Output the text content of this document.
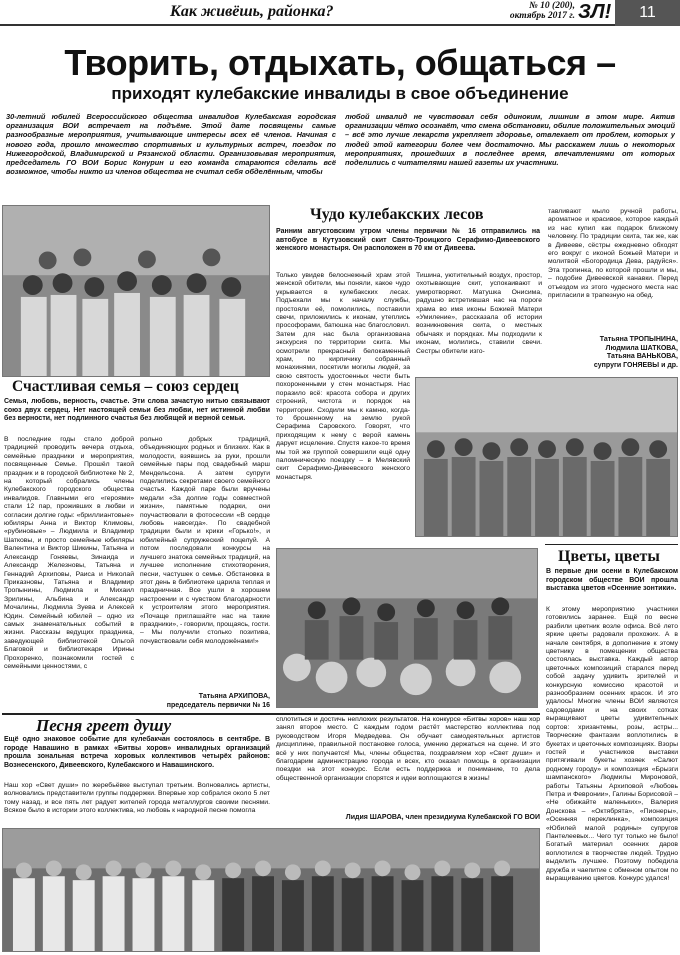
Как живёшь, районка?	№ 10 (200),
октябрь 2017 г. ЗЛ!	11
Творить, отдыхать, общаться –
приходят кулебакские инвалиды в свое объединение
30-летний юбилей Всероссийского общества инвалидов Кулебакская городская организация ВОИ встречает на подъёме. Этой дате посвящены самые разнообразные мероприятия, учитывающие интересы всех её членов. Начиная с нового года, прошло множество спортивных и культурных встреч, поездок по Нижегородской, Владимирской и Рязанской области. Организовывая мероприятия, председатель ГО ВОИ Борис Конурин и его команда стараются сделать всё возможное, чтобы никто из членов общества не считал себя обделённым, чтобы
любой инвалид не чувствовал себя одиноким, лишним в этом мире. Актив организации чётко осознаёт, что смена обстановки, обилие положительных эмоций – всё это лучше лекарств укрепляет здоровье, отвлекает от проблем, которых у людей этой категории более чем достаточно. Мы расскажем лишь о некоторых мероприятиях, прошедших в последнее время, впечатлениями от которых поделились с читателями нашей газеты их участники.
Счастливая семья – союз сердец
Семья, любовь, верность, счастье. Эти слова зачастую нитью связывают союз двух сердец. Нет настоящей семьи без любви, нет истинной любви без верности, нет подлинного счастья без любящей и верной семьи.
В последние годы стало доброй традицией проводить вечера отдыха, семейные праздники и мероприятия, посвященные Семье. Прошёл такой праздник и в городской библиотеке № 2, на который собрались члены Кулебакского городского общества инвалидов. Главными его «героями» стали 12 пар, проживших в любви и согласии долгие годы: «бриллиантовые» юбиляры Анна и Виктор Климовы, «рубиновые» – Людмила и Владимир Шатковы, и просто семейные юбиляры Валентина и Виктор Шикины, Татьяна и Александр Гоняевы, Зинаида и Александр Железновы, Татьяна и Геннадий Архиповы, Раиса и Николай Приказновы, Татьяна и Владимир Тропынины, Людмила и Михаил Зрилины, Альбина и Александр Мочалины, Людмила Зуева и Алексей Юдин. Семейный юбилей – одно из самых знаменательных событий в жизни. Рассказы ведущих праздника, заведующей библиотекой Ольгой Благовой и библиотекаря Ирины Прохоренко, познакомили гостей с семейными ценностями, с
рольно добрых традиций, объединяющих родных и близких. Как в молодости, взявшись за руки, прошли семейные пары под свадебный марш Мендельсона. А затем супруги поделились секретами своего семейного счастья. Каждой паре были вручены медали «За долгие годы совместной жизни», памятные подарки, они поучаствовали в фотосессии «В сердце любовь навсегда». По свадебной традиции были и крики «Горько!», и юбилейный супружеский поцелуй. А потом последовали конкурсы на лучшего знатока семейных традиций, на лучшее исполнение стихотворения, песни, частушек о семье. Обстановка в этот день в библиотеке царила теплая и праздничная. Все ушли в хорошем настроении и с чувством благодарности к устроителям этого мероприятия. «Почаще приглашайте нас на такие праздники», - говорили, прощаясь, гости. – Мы получили столько позитива, почувствовали себя молодожёнами!»
Татьяна АРХИПОВА,
председатель первички № 16
Чудо кулебакских лесов
Ранним августовским утром члены первички № 16 отправились на автобусе в Кутузовский скит Свято-Троицкого Серафимо-Дивеевского женского монастыря. Он расположен в 70 км от Дивеева.
Только увидев белоснежный храм этой женской обители, мы поняли, какое чудо укрывается в кулебакских лесах. Подъехали мы к началу службы, простояли её, помолились, поставили свечи, приложились к иконам, утеплись прософорами, батюшка нас благословил. Затем для нас была организована экскурсия по территории скита. Мы осмотрели прекрасный белокаменный храм, по кирпичику собранный монахинями, посетили могилы людей, за свою святость удостоенных чести быть похороненными у стен монастыря. Нас поразило всё: красота собора и других строений, чистота и порядок на территории. Сходили мы к камню, когда-то брошенному на землю рукой Серафима Саровского. Говорят, что приходящим к нему с верой камень дарует исцеление. Спустя какое-то время мы той же группой совершили ещё одну паломническую поездку – в Мелявский скит Серафимо-Дивеевского женского монастыря.
Тишина, уютительный воздух, простор, охотывающие скит, успокаивают и умиротворяют. Матушка Онисима, радушно встретившая нас на пороге храма во имя иконы Божией Матери «Умиление», рассказала об истории возникновения скита, о местных обычаях и порядках. Мы подходили к иконам, молились, ставили свечи. Сестры обители изго-
тавливают мыло ручной работы, ароматное и красивое, которое каждый из нас купил как подарок близкому человеку. По традиции скита, так же, как в Дивееве, сёстры ежедневно обходят его вокруг с иконой Божьей Матери и молитвой «Богородица Дева, радуйся». Эта тропинка, по которой прошли и мы, – подобие Дивеевской канавки. Перед отъездом из этого чудесного места нас пригласили в трапезную на обед.
Татьяна ТРОПЫНИНА,
Людмила ШАТКОВА,
Татьяна ВАНЬКОВА,
супруги ГОНЯЕВЫ и др.
Цветы, цветы
В первые дни осени в Кулебакском городском обществе ВОИ прошла выставка цветов «Осенние зонтики».
К этому мероприятию участники готовились заранее. Ещё по весне разбили цветник возле офиса. Всё лето яркие цветы радовали прохожих. А в начале сентября, в дополнение к этому цветнику в помещении общества состоялась выставка. Каждый автор цветочных композиций старался перед собой задачу удивить зрителей и конкурсную комиссию красотой и разнообразием осенних красок. И это удалось! Многие члены ВОИ являются садоводами и на своих сотках выращивают цветы удивительных сортов: хризантемы, розы, астры... Творческие фантазии воплотились в букетах и цветочных композициях. Взоры гостей и участников выставки притягивали букеты хозяек «Салют родному городу» и композиция «Брызги шампанского» Людмилы Мироновой, работы Татьяны Архиповой «Любовь Петра и Февронии», Галины Борисовой – «Не обижайте маленьких», Валерия Донскова – «Октябрята», «Пионеры», «Осенняя переклинка», композиция «Юбилей малой родины» супругов Пантелеевых... Чего тут только не было! Богатый материал осенних даров воплотился в творчестве людей. Трудно выделить лучшее. Поэтому победила дружба и чаепитие с обменом опытом по выращиванию цветов. Конкурс удался!
Песня греет душу
Ещё одно знаковое событие для кулебакчан состоялось в сентябре. В городе Навашино в рамках «Битвы хоров» инвалидных организаций прошла зональная встреча хоровых коллективов четырёх районов: Вознесенского, Дивеевского, Кулебакского и Навашинского.
Наш хор «Свет души» по жеребьёвке выступал третьим. Волновались артисты, волновались представители группы поддержки. Впервые хор собрался около 5 лет тому назад, и все пять лет радует жителей города металлургов своими песнями. Всякое было в истории этого коллектива, но любовь к народной песне помогла
сплотиться и достичь неплохих результатов. На конкурсе «Битвы хоров» наш хор занял второе место. С каждым годом растёт мастерство коллектива под руководством Игоря Медведева. Он обучает самодеятельных артистов дисциплине, правильной постановке голоса, умению держаться на сцене. И это всё у них получается! Мы, члены общества, поздравляем хор «Свет души» и благодарим администрацию города и всех, кто оказал помощь в организации поездки на этот конкурс. Если есть поддержка и понимание, то дела общественной организации спорятся и идеи воплощаются в жизнь!
Лидия ШАРОВА, член президиума Кулебакской ГО ВОИ
